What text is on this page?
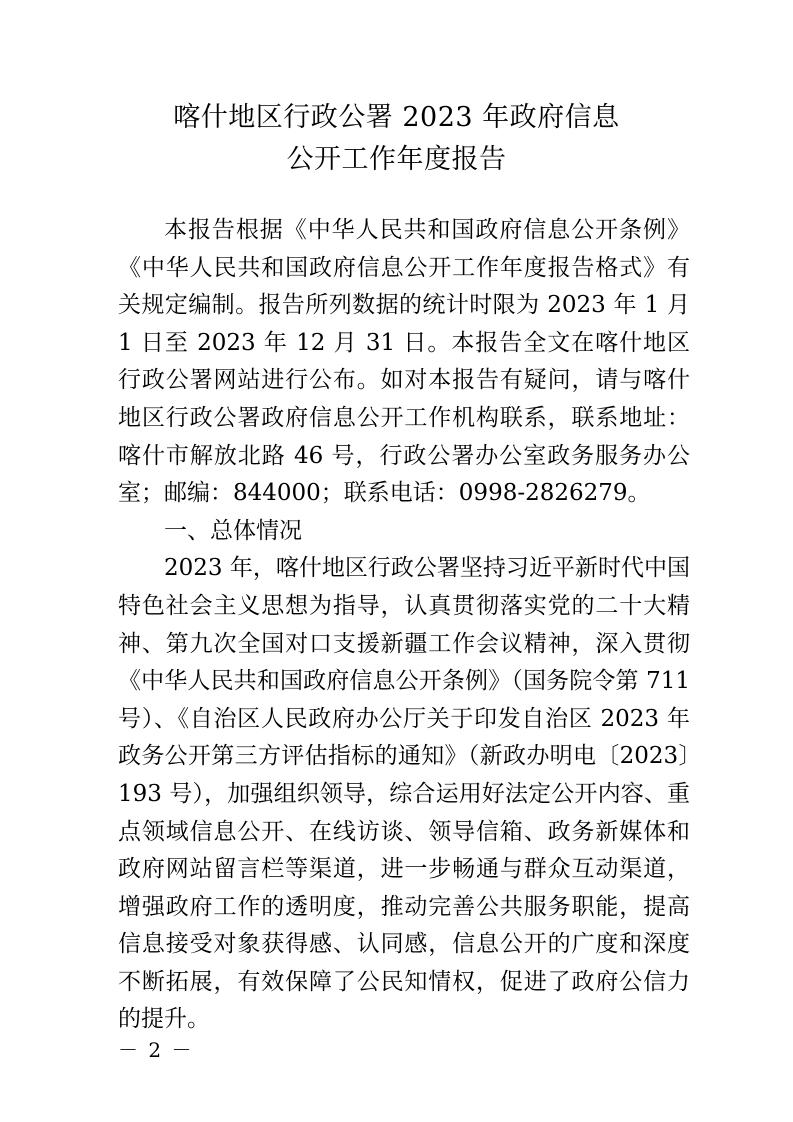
喀什地区行政公署 2023 年政府信息
公开工作年度报告

本报告根据《中华人民共和国政府信息公开条例》《中华人民共和国政府信息公开工作年度报告格式》有关规定编制。报告所列数据的统计时限为 2023 年 1 月 1 日至 2023 年 12 月 31 日。本报告全文在喀什地区行政公署网站进行公布。如对本报告有疑问，请与喀什地区行政公署政府信息公开工作机构联系，联系地址：喀什市解放北路 46 号，行政公署办公室政务服务办公室；邮编：844000；联系电话：0998-2826279。

一、总体情况

2023 年，喀什地区行政公署坚持习近平新时代中国特色社会主义思想为指导，认真贯彻落实党的二十大精神、第九次全国对口支援新疆工作会议精神，深入贯彻《中华人民共和国政府信息公开条例》（国务院令第 711 号）、《自治区人民政府办公厅关于印发自治区 2023 年政务公开第三方评估指标的通知》（新政办明电〔2023〕193 号），加强组织领导，综合运用好法定公开内容、重点领域信息公开、在线访谈、领导信箱、政务新媒体和政府网站留言栏等渠道，进一步畅通与群众互动渠道，增强政府工作的透明度，推动完善公共服务职能，提高信息接受对象获得感、认同感，信息公开的广度和深度不断拓展，有效保障了公民知情权，促进了政府公信力的提升。

－ 2 －
